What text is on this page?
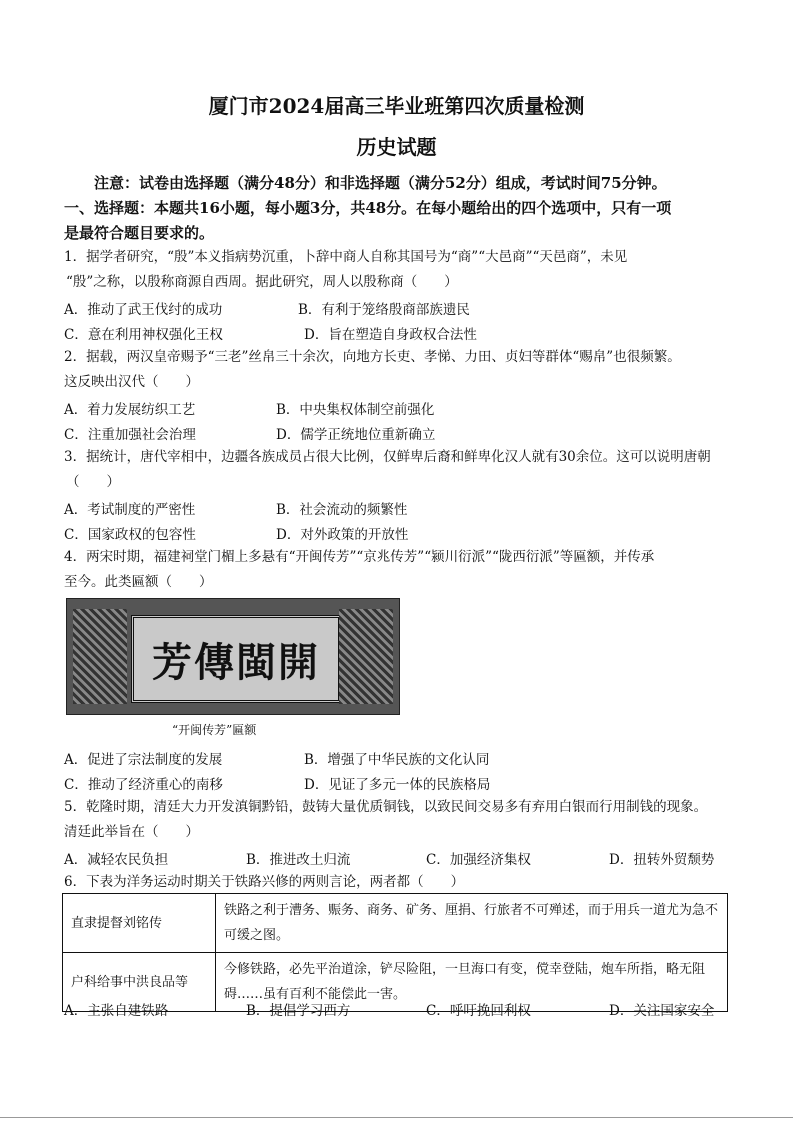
厦门市2024届高三毕业班第四次质量检测
历史试题
注意：试卷由选择题（满分48分）和非选择题（满分52分）组成，考试时间75分钟。
一、选择题：本题共16小题，每小题3分，共48分。在每小题给出的四个选项中，只有一项
是最符合题目要求的。
1．据学者研究，“殷”本义指病势沉重，卜辞中商人自称其国号为“商”“大邑商”“天邑商”，未见
“殷”之称，以殷称商源自西周。据此研究，周人以殷称商（　　）
A．推动了武王伐纣的成功	B．有利于笼络殷商部族遗民
C．意在利用神权强化王权	D．旨在塑造自身政权合法性
2．据载，两汉皇帝赐予“三老”丝帛三十余次，向地方长吏、孝悌、力田、贞妇等群体“赐帛”也很频繁。
这反映出汉代（　　）
A．着力发展纺织工艺	B．中央集权体制空前强化
C．注重加强社会治理	D．儒学正统地位重新确立
3．据统计，唐代宰相中，边疆各族成员占很大比例，仅鲜卑后裔和鲜卑化汉人就有30余位。这可以说明唐朝
（　　）
A．考试制度的严密性	B．社会流动的频繁性
C．国家政权的包容性	D．对外政策的开放性
4．两宋时期，福建祠堂门楣上多悬有“开闽传芳”“京兆传芳”“颍川衍派”“陇西衍派”等匾额，并传承
至今。此类匾额（　　）
芳傳閩開
“开闽传芳”匾额
A．促进了宗法制度的发展	B．增强了中华民族的文化认同
C．推动了经济重心的南移	D．见证了多元一体的民族格局
5．乾隆时期，清廷大力开发滇铜黔铅，鼓铸大量优质铜钱，以致民间交易多有弃用白银而行用制钱的现象。
清廷此举旨在（　　）
A．减轻农民负担	B．推进改土归流	C．加强经济集权	D．扭转外贸颓势
6．下表为洋务运动时期关于铁路兴修的两则言论，两者都（　　）
直隶提督刘铭传	铁路之利于漕务、赈务、商务、矿务、厘捐、行旅者不可殚述，而于用兵一道尤为急不可缓之图。
户科给事中洪良品等	今修铁路，必先平治道涂，铲尽险阻，一旦海口有变，傥幸登陆，炮车所指，略无阻碍……虽有百利不能偿此一害。
A．主张自建铁路	B．提倡学习西方	C．呼吁挽回利权	D．关注国家安全
